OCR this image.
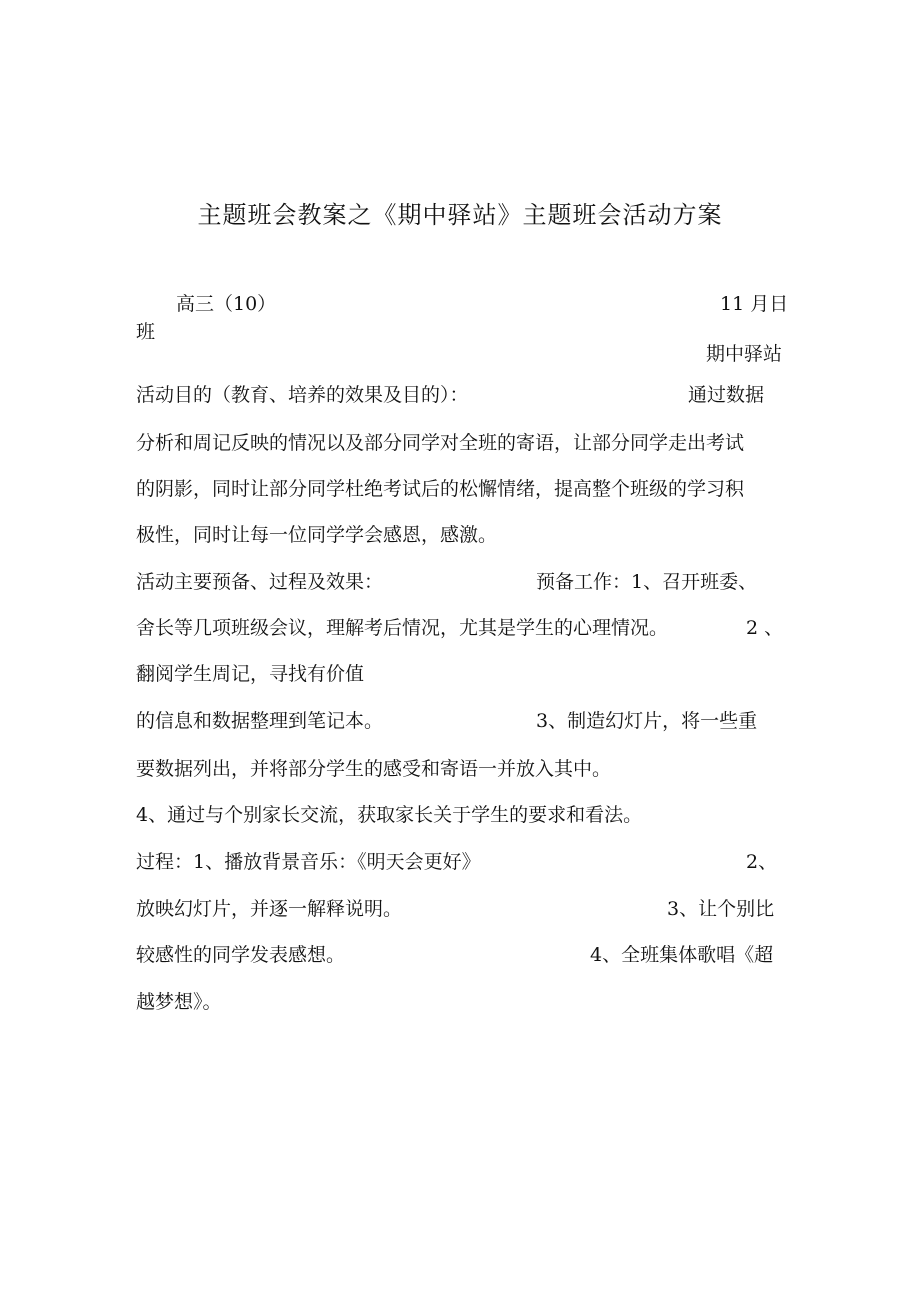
主题班会教案之《期中驿站》主题班会活动方案
高三（10）
班
11 月日
期中驿站
活动目的（教育、培养的效果及目的）：	通过数据
分析和周记反映的情况以及部分同学对全班的寄语，让部分同学走出考试
的阴影，同时让部分同学杜绝考试后的松懈情绪，提高整个班级的学习积
极性，同时让每一位同学学会感恩，感激。
活动主要预备、过程及效果：	预备工作：1、召开班委、
舍长等几项班级会议，理解考后情况，尤其是学生的心理情况。	2 、
翻阅学生周记，寻找有价值
的信息和数据整理到笔记本。	3、制造幻灯片，将一些重
要数据列出，并将部分学生的感受和寄语一并放入其中。
4、通过与个别家长交流，获取家长关于学生的要求和看法。
过程：1、播放背景音乐：《明天会更好》	2、
放映幻灯片，并逐一解释说明。	3、让个别比
较感性的同学发表感想。	4、全班集体歌唱《超
越梦想》。
